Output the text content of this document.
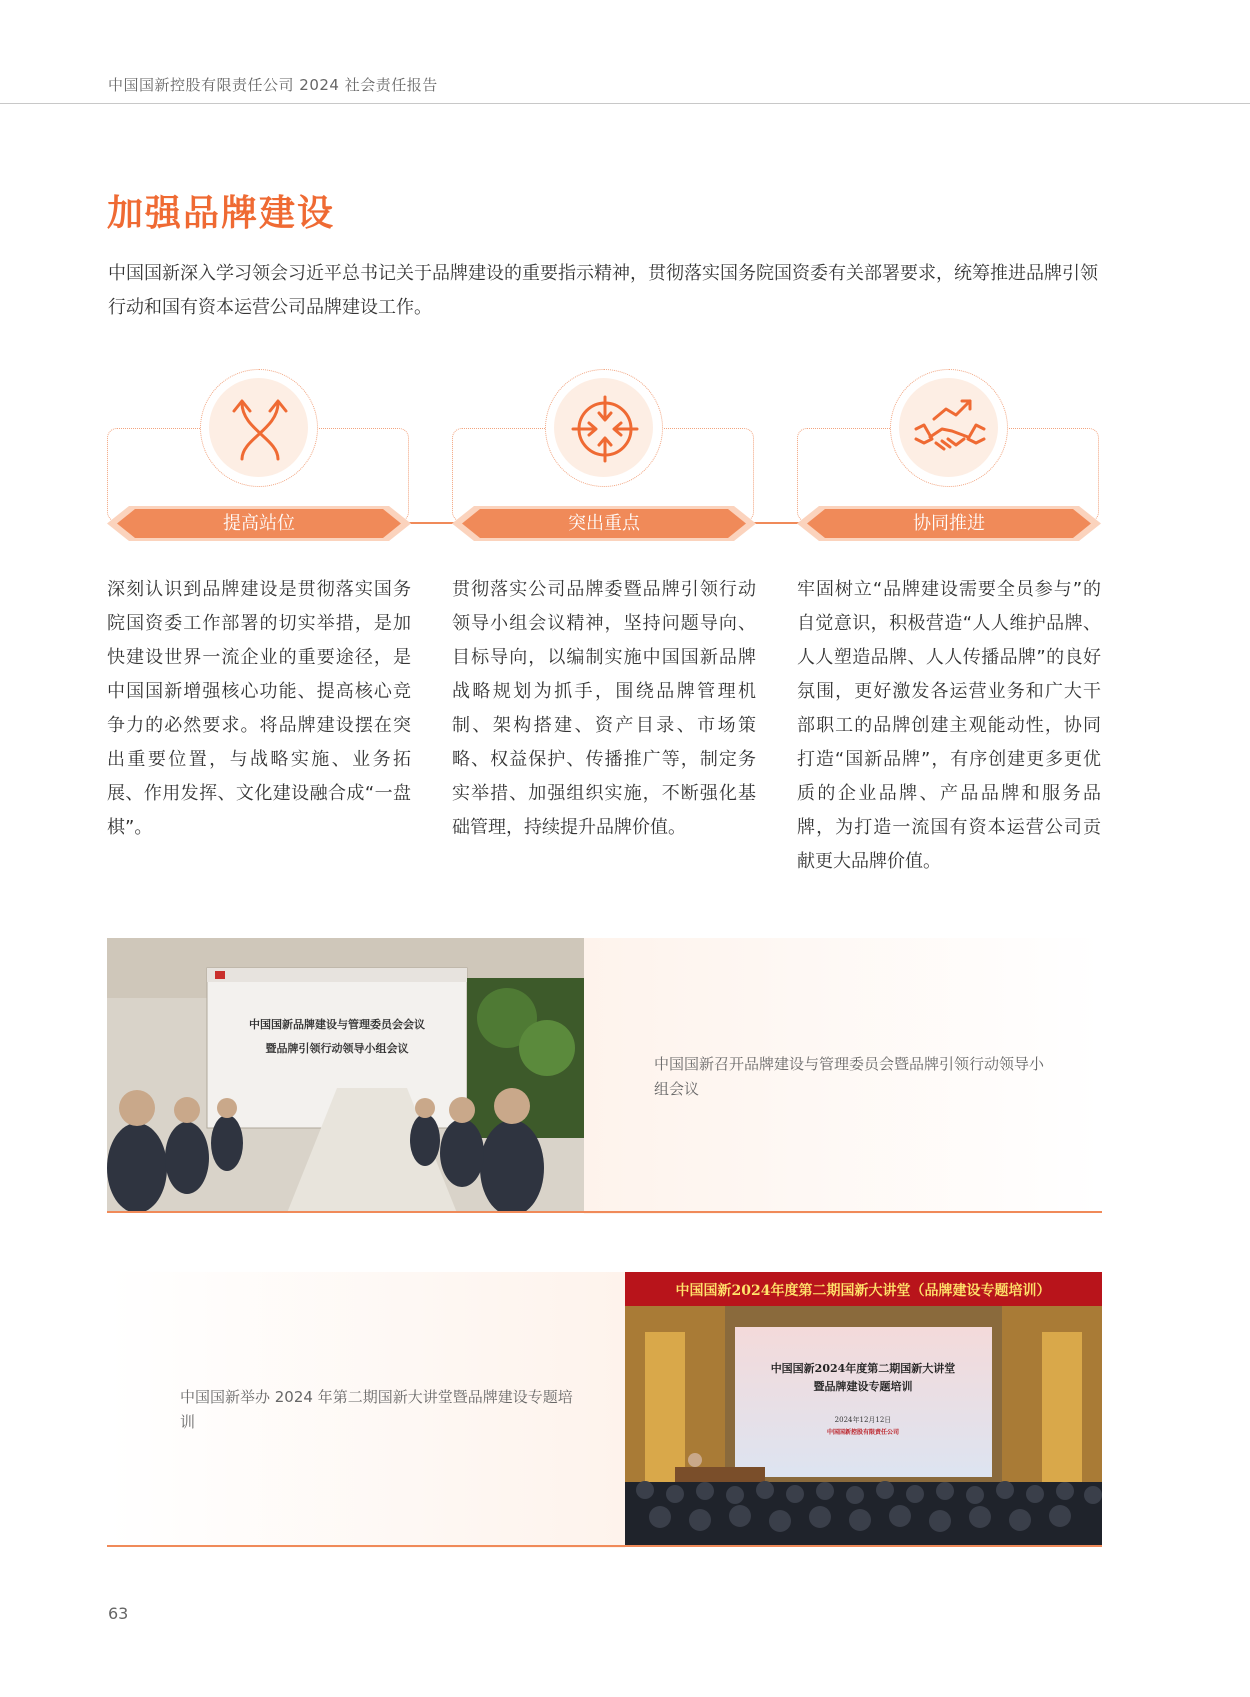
中国国新控股有限责任公司 2024 社会责任报告
加强品牌建设
中国国新深入学习领会习近平总书记关于品牌建设的重要指示精神，贯彻落实国务院国资委有关部署要求，统筹推进品牌引领行动和国有资本运营公司品牌建设工作。
提高站位	突出重点	协同推进
深刻认识到品牌建设是贯彻落实国务院国资委工作部署的切实举措，是加快建设世界一流企业的重要途径，是中国国新增强核心功能、提高核心竞争力的必然要求。将品牌建设摆在突出重要位置，与战略实施、业务拓展、作用发挥、文化建设融合成“一盘棋”。
贯彻落实公司品牌委暨品牌引领行动领导小组会议精神，坚持问题导向、目标导向，以编制实施中国国新品牌战略规划为抓手，围绕品牌管理机制、架构搭建、资产目录、市场策略、权益保护、传播推广等，制定务实举措、加强组织实施，不断强化基础管理，持续提升品牌价值。
牢固树立“品牌建设需要全员参与”的自觉意识，积极营造“人人维护品牌、人人塑造品牌、人人传播品牌”的良好氛围，更好激发各运营业务和广大干部职工的品牌创建主观能动性，协同打造“国新品牌”，有序创建更多更优质的企业品牌、产品品牌和服务品牌，为打造一流国有资本运营公司贡献更大品牌价值。
中国国新品牌建设与管理委员会会议
暨品牌引领行动领导小组会议
中国国新召开品牌建设与管理委员会暨品牌引领行动领导小组会议
中国国新2024年度第二期国新大讲堂（品牌建设专题培训）
中国国新2024年度第二期国新大讲堂
暨品牌建设专题培训
2024年12月12日
中国国新控股有限责任公司
中国国新举办 2024 年第二期国新大讲堂暨品牌建设专题培训
63
